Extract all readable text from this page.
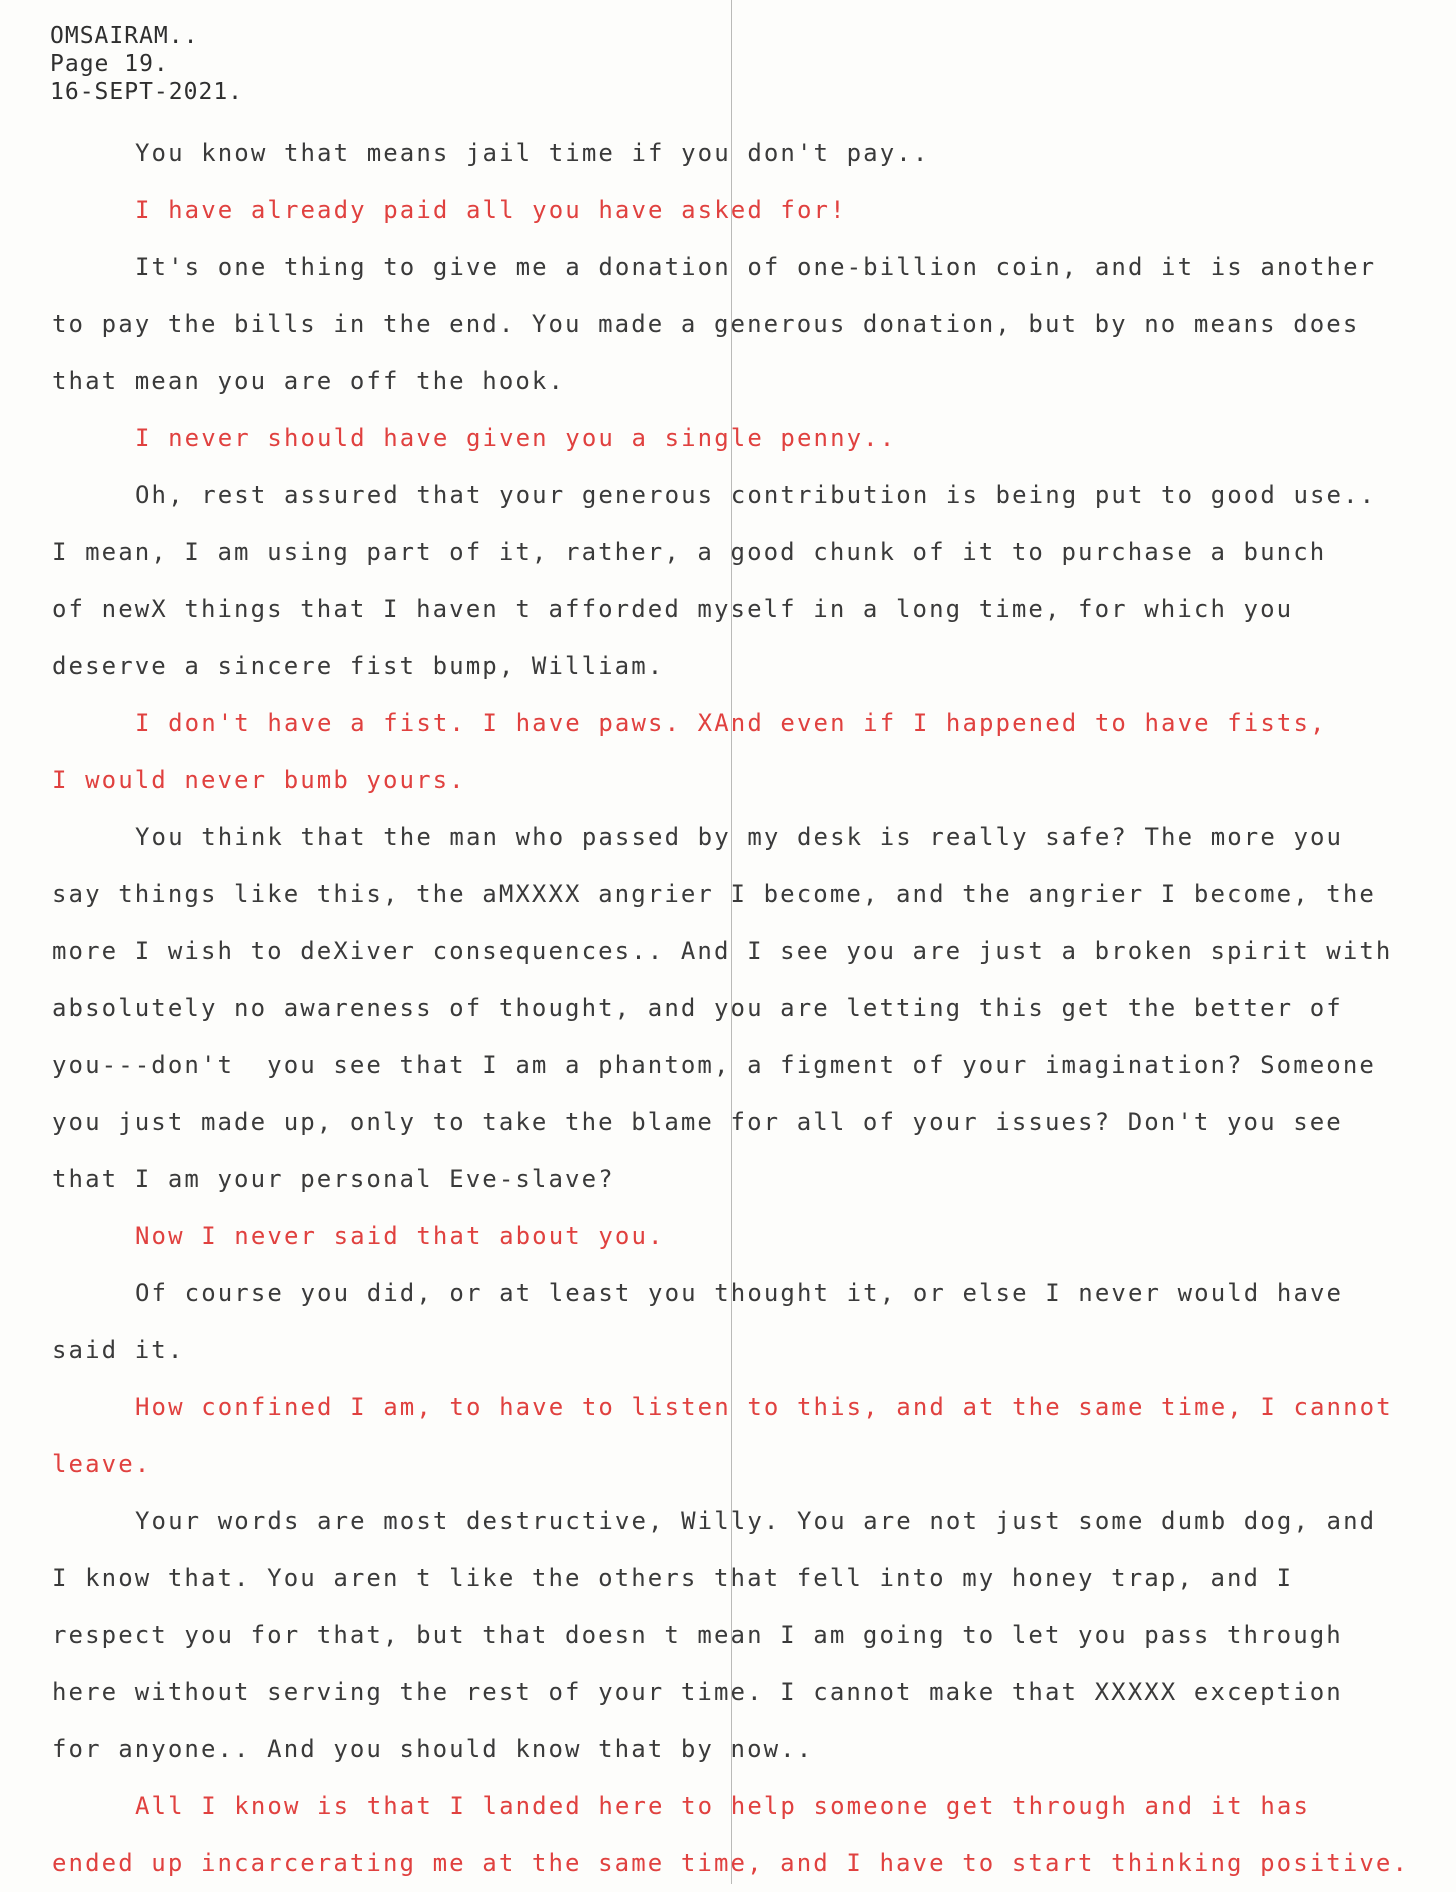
OMSAIRAM..
Page 19.
16-SEPT-2021.
You know that means jail time if you don't pay..
I have already paid all you have asked for!
It's one thing to give me a donation of one-billion coin, and it is another
to pay the bills in the end. You made a generous donation, but by no means does
that mean you are off the hook.
I never should have given you a single penny..
Oh, rest assured that your generous contribution is being put to good use..
I mean, I am using part of it, rather, a good chunk of it to purchase a bunch
of newX things that I haven t afforded myself in a long time, for which you
deserve a sincere fist bump, William.
I don't have a fist. I have paws. XAnd even if I happened to have fists,
I would never bumb yours.
You think that the man who passed by my desk is really safe? The more you
say things like this, the aMXXXX angrier I become, and the angrier I become, the
more I wish to deXiver consequences.. And I see you are just a broken spirit with
absolutely no awareness of thought, and you are letting this get the better of
you---don't  you see that I am a phantom, a figment of your imagination? Someone
you just made up, only to take the blame for all of your issues? Don't you see
that I am your personal Eve-slave?
Now I never said that about you.
Of course you did, or at least you thought it, or else I never would have
said it.
How confined I am, to have to listen to this, and at the same time, I cannot
leave.
Your words are most destructive, Willy. You are not just some dumb dog, and
I know that. You aren t like the others that fell into my honey trap, and I
respect you for that, but that doesn t mean I am going to let you pass through
here without serving the rest of your time. I cannot make that XXXXX exception
for anyone.. And you should know that by now..
All I know is that I landed here to help someone get through and it has
ended up incarcerating me at the same time, and I have to start thinking positive.
